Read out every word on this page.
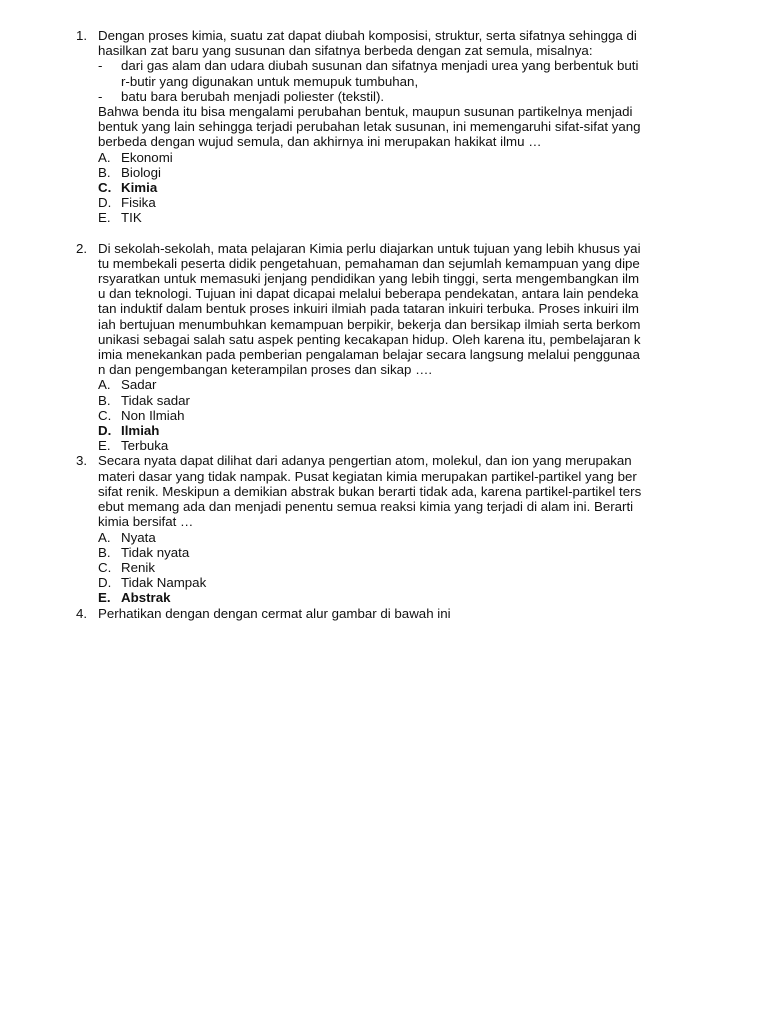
1. Dengan proses kimia, suatu zat dapat diubah komposisi, struktur, serta sifatnya sehingga di
hasilkan zat baru yang susunan dan sifatnya berbeda dengan zat semula, misalnya:
- dari gas alam dan udara diubah susunan dan sifatnya menjadi urea yang berbentuk buti
r-butir yang digunakan untuk memupuk tumbuhan,
- batu bara berubah menjadi poliester (tekstil).
Bahwa benda itu bisa mengalami perubahan bentuk, maupun susunan partikelnya menjadi
bentuk yang lain sehingga terjadi perubahan letak susunan, ini memengaruhi sifat-sifat yang
berbeda dengan wujud semula, dan akhirnya ini merupakan hakikat ilmu …
A. Ekonomi
B. Biologi
C. Kimia
D. Fisika
E. TIK
2. Di sekolah-sekolah, mata pelajaran Kimia perlu diajarkan untuk tujuan yang lebih khusus yai
tu membekali peserta didik pengetahuan, pemahaman dan sejumlah kemampuan yang dipe
rsyaratkan untuk memasuki jenjang pendidikan yang lebih tinggi, serta mengembangkan ilm
u dan teknologi. Tujuan ini dapat dicapai melalui beberapa pendekatan, antara lain pendeka
tan induktif dalam bentuk proses inkuiri ilmiah pada tataran inkuiri terbuka. Proses inkuiri ilm
iah bertujuan menumbuhkan kemampuan berpikir, bekerja dan bersikap ilmiah serta berkom
unikasi sebagai salah satu aspek penting kecakapan hidup. Oleh karena itu, pembelajaran k
imia menekankan pada pemberian pengalaman belajar secara langsung melalui penggunaa
n dan pengembangan keterampilan proses dan sikap ….
A. Sadar
B. Tidak sadar
C. Non Ilmiah
D. Ilmiah
E. Terbuka
3. Secara nyata dapat dilihat dari adanya pengertian atom, molekul, dan ion yang merupakan
materi dasar yang tidak nampak. Pusat kegiatan kimia merupakan partikel-partikel yang ber
sifat renik. Meskipun a demikian abstrak bukan berarti tidak ada, karena partikel-partikel ters
ebut memang ada dan menjadi penentu semua reaksi kimia yang terjadi di alam ini. Berarti
kimia bersifat …
A. Nyata
B. Tidak nyata
C. Renik
D. Tidak Nampak
E. Abstrak
4. Perhatikan dengan dengan cermat alur gambar di bawah ini
